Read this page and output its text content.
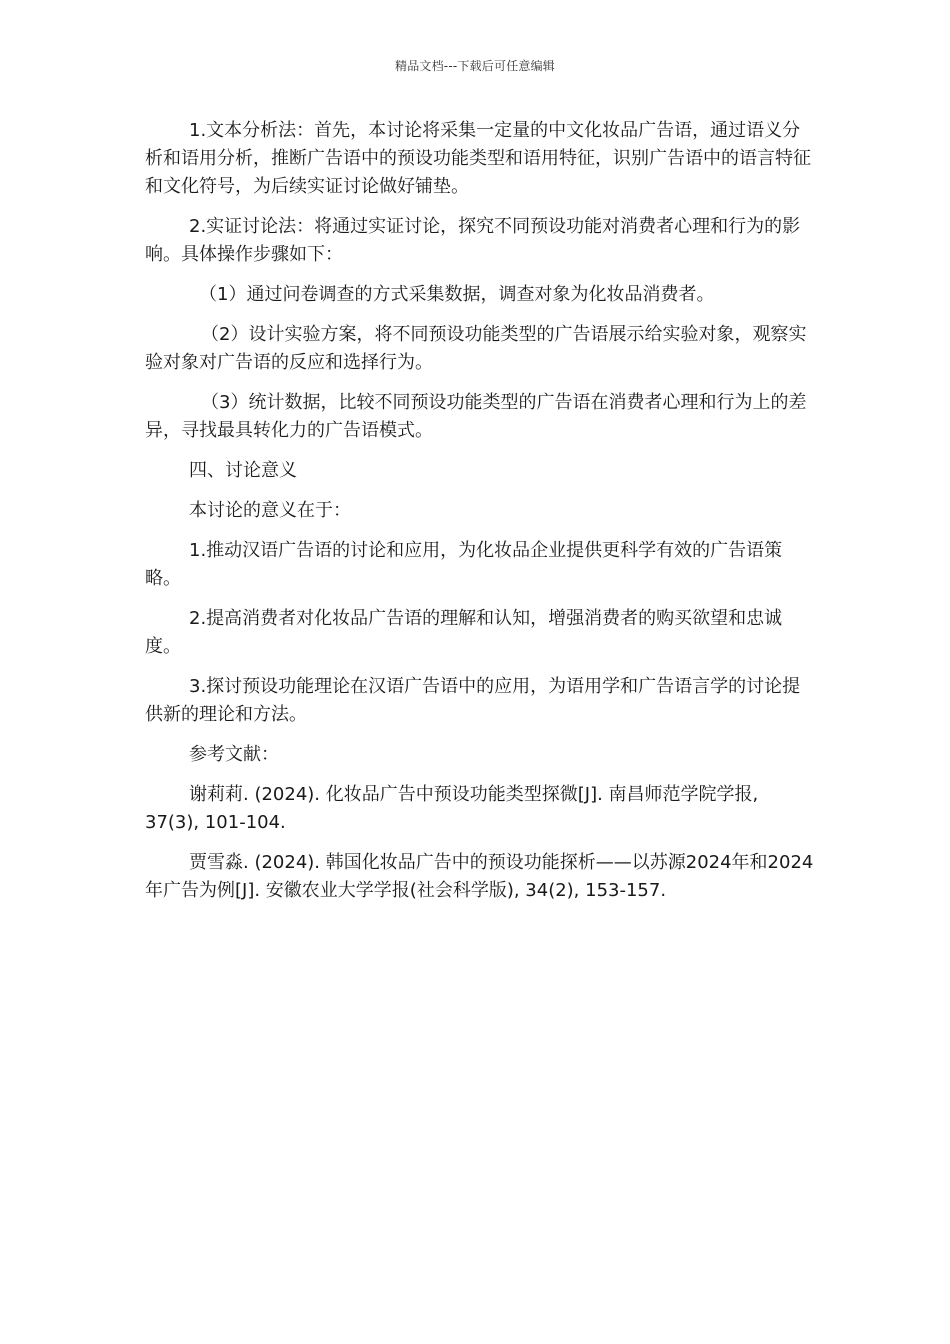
精品文档---下载后可任意编辑

1.文本分析法：首先，本讨论将采集一定量的中文化妆品广告语，通过语义分析和语用分析，推断广告语中的预设功能类型和语用特征，识别广告语中的语言特征和文化符号，为后续实证讨论做好铺垫。

2.实证讨论法：将通过实证讨论，探究不同预设功能对消费者心理和行为的影响。具体操作步骤如下：

（1）通过问卷调查的方式采集数据，调查对象为化妆品消费者。

（2）设计实验方案，将不同预设功能类型的广告语展示给实验对象，观察实验对象对广告语的反应和选择行为。

（3）统计数据，比较不同预设功能类型的广告语在消费者心理和行为上的差异，寻找最具转化力的广告语模式。

四、讨论意义

本讨论的意义在于：

1.推动汉语广告语的讨论和应用，为化妆品企业提供更科学有效的广告语策略。

2.提高消费者对化妆品广告语的理解和认知，增强消费者的购买欲望和忠诚度。

3.探讨预设功能理论在汉语广告语中的应用，为语用学和广告语言学的讨论提供新的理论和方法。

参考文献：

谢莉莉. (2024). 化妆品广告中预设功能类型探微[J]. 南昌师范学院学报, 37(3), 101-104.

贾雪淼. (2024). 韩国化妆品广告中的预设功能探析——以苏源2024年和2024年广告为例[J]. 安徽农业大学学报(社会科学版), 34(2), 153-157.
